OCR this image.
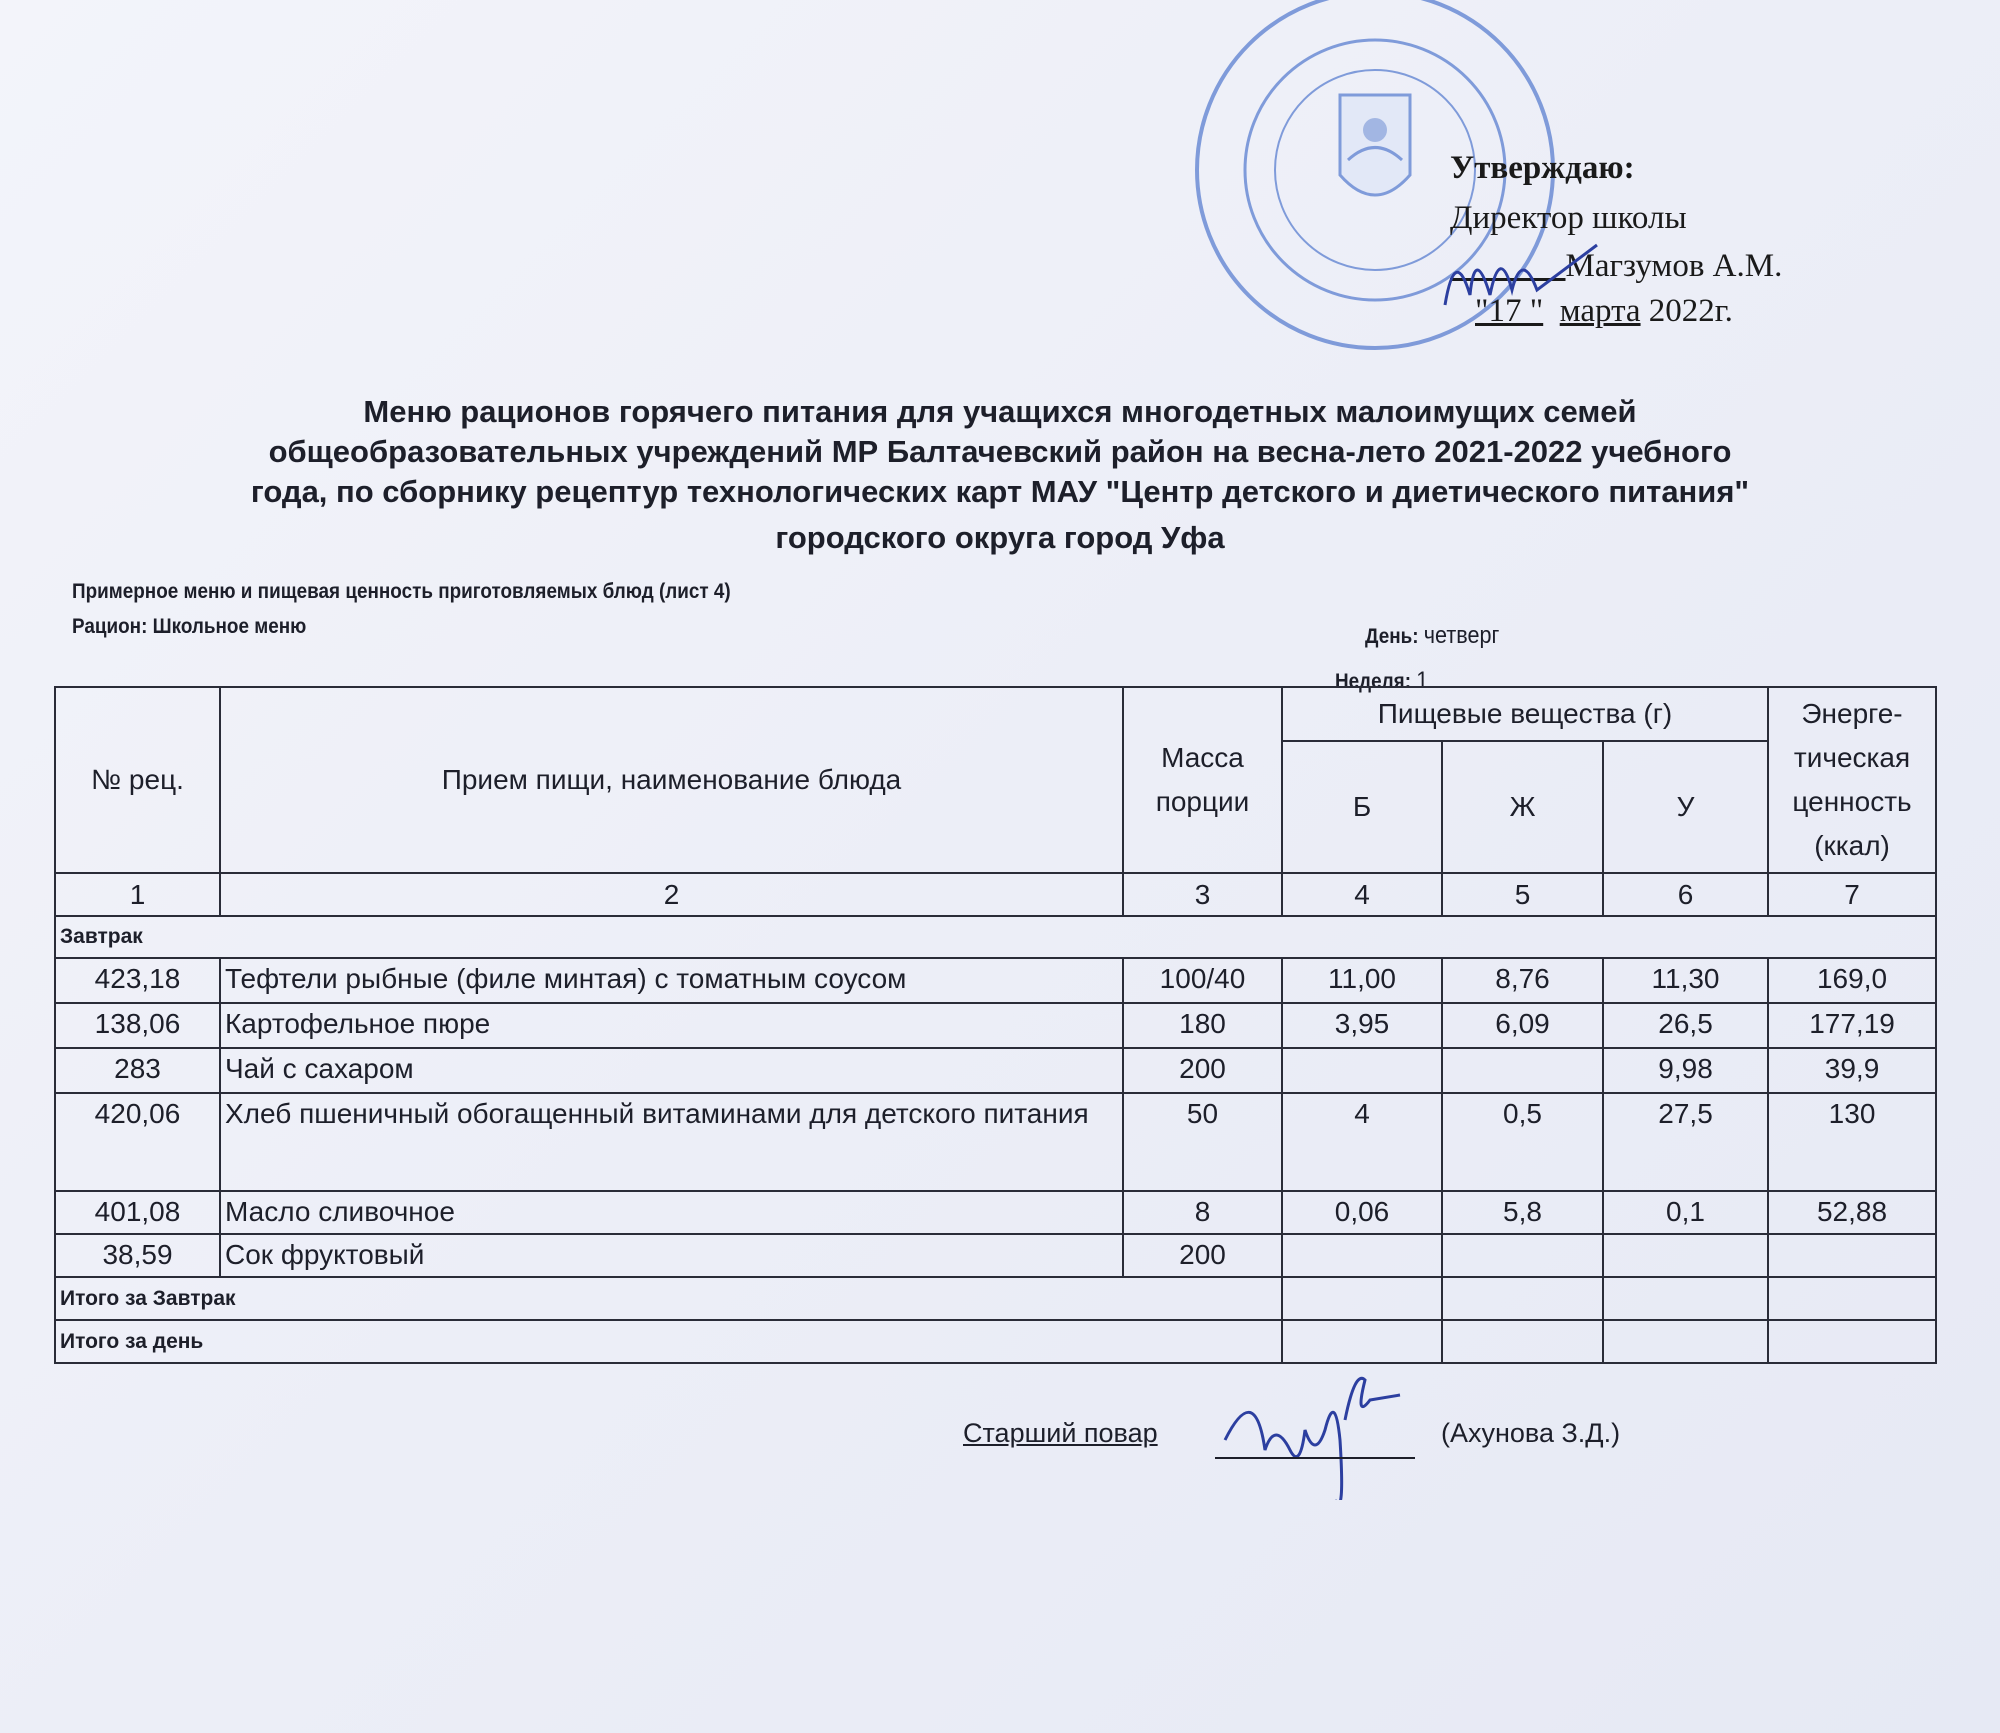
Утверждаю:
Директор школы
Магзумов А.М.
"17 " марта 2022г.
Меню рационов горячего питания для учащихся многодетных малоимущих семей
общеобразовательных учреждений МР Балтачевский район на весна-лето 2021-2022 учебного
года, по сборнику рецептур технологических карт МАУ "Центр детского и диетического питания"
городского округа город Уфа
Примерное меню и пищевая ценность приготовляемых блюд (лист 4)
Рацион: Школьное меню	День: четверг
Неделя: 1
№ рец.	Прием пищи, наименование блюда	Масса порции	Пищевые вещества (г)			Энерге-тическая ценность (ккал)
			Б	Ж	У	
1	2	3	4	5	6	7
Завтрак						
423,18	Тефтели рыбные (филе минтая) с томатным соусом	100/40	11,00	8,76	11,30	169,0
138,06	Картофельное пюре	180	3,95	6,09	26,5	177,19
283	Чай с сахаром	200			9,98	39,9
420,06	Хлеб пшеничный обогащенный витаминами для детского питания	50	4	0,5	27,5	130
401,08	Масло сливочное	8	0,06	5,8	0,1	52,88
38,59	Сок фруктовый	200				
Итого за Завтрак						
Итого за день						
Старший повар	(Ахунова З.Д.)
